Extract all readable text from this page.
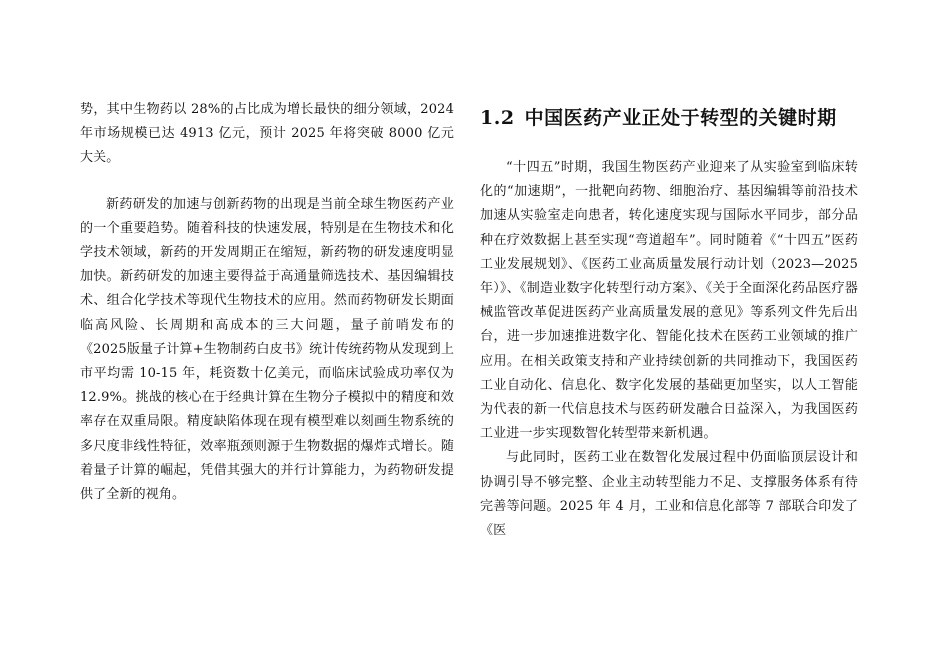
势，其中生物药以 28%的占比成为增长最快的细分领域，2024年市场规模已达 4913 亿元，预计 2025 年将突破 8000 亿元大关。

新药研发的加速与创新药物的出现是当前全球生物医药产业的一个重要趋势。随着科技的快速发展，特别是在生物技术和化学技术领域，新药的开发周期正在缩短，新药物的研发速度明显加快。新药研发的加速主要得益于高通量筛选技术、基因编辑技术、组合化学技术等现代生物技术的应用。然而药物研发长期面临高风险、长周期和高成本的三大问题，量子前哨发布的《2025版量子计算+生物制药白皮书》统计传统药物从发现到上市平均需 10-15 年，耗资数十亿美元，而临床试验成功率仅为 12.9%。挑战的核心在于经典计算在生物分子模拟中的精度和效率存在双重局限。精度缺陷体现在现有模型难以刻画生物系统的多尺度非线性特征，效率瓶颈则源于生物数据的爆炸式增长。随着量子计算的崛起，凭借其强大的并行计算能力，为药物研发提供了全新的视角。

1.2 中国医药产业正处于转型的关键时期

“十四五”时期，我国生物医药产业迎来了从实验室到临床转化的“加速期”，一批靶向药物、细胞治疗、基因编辑等前沿技术加速从实验室走向患者，转化速度实现与国际水平同步，部分品种在疗效数据上甚至实现“弯道超车”。同时随着《“十四五”医药工业发展规划》、《医药工业高质量发展行动计划（2023—2025 年）》、《制造业数字化转型行动方案》、《关于全面深化药品医疗器械监管改革促进医药产业高质量发展的意见》等系列文件先后出台，进一步加速推进数字化、智能化技术在医药工业领域的推广应用。在相关政策支持和产业持续创新的共同推动下，我国医药工业自动化、信息化、数字化发展的基础更加坚实，以人工智能为代表的新一代信息技术与医药研发融合日益深入，为我国医药工业进一步实现数智化转型带来新机遇。

与此同时，医药工业在数智化发展过程中仍面临顶层设计和协调引导不够完整、企业主动转型能力不足、支撑服务体系有待完善等问题。2025 年 4 月，工业和信息化部等 7 部联合印发了《医
